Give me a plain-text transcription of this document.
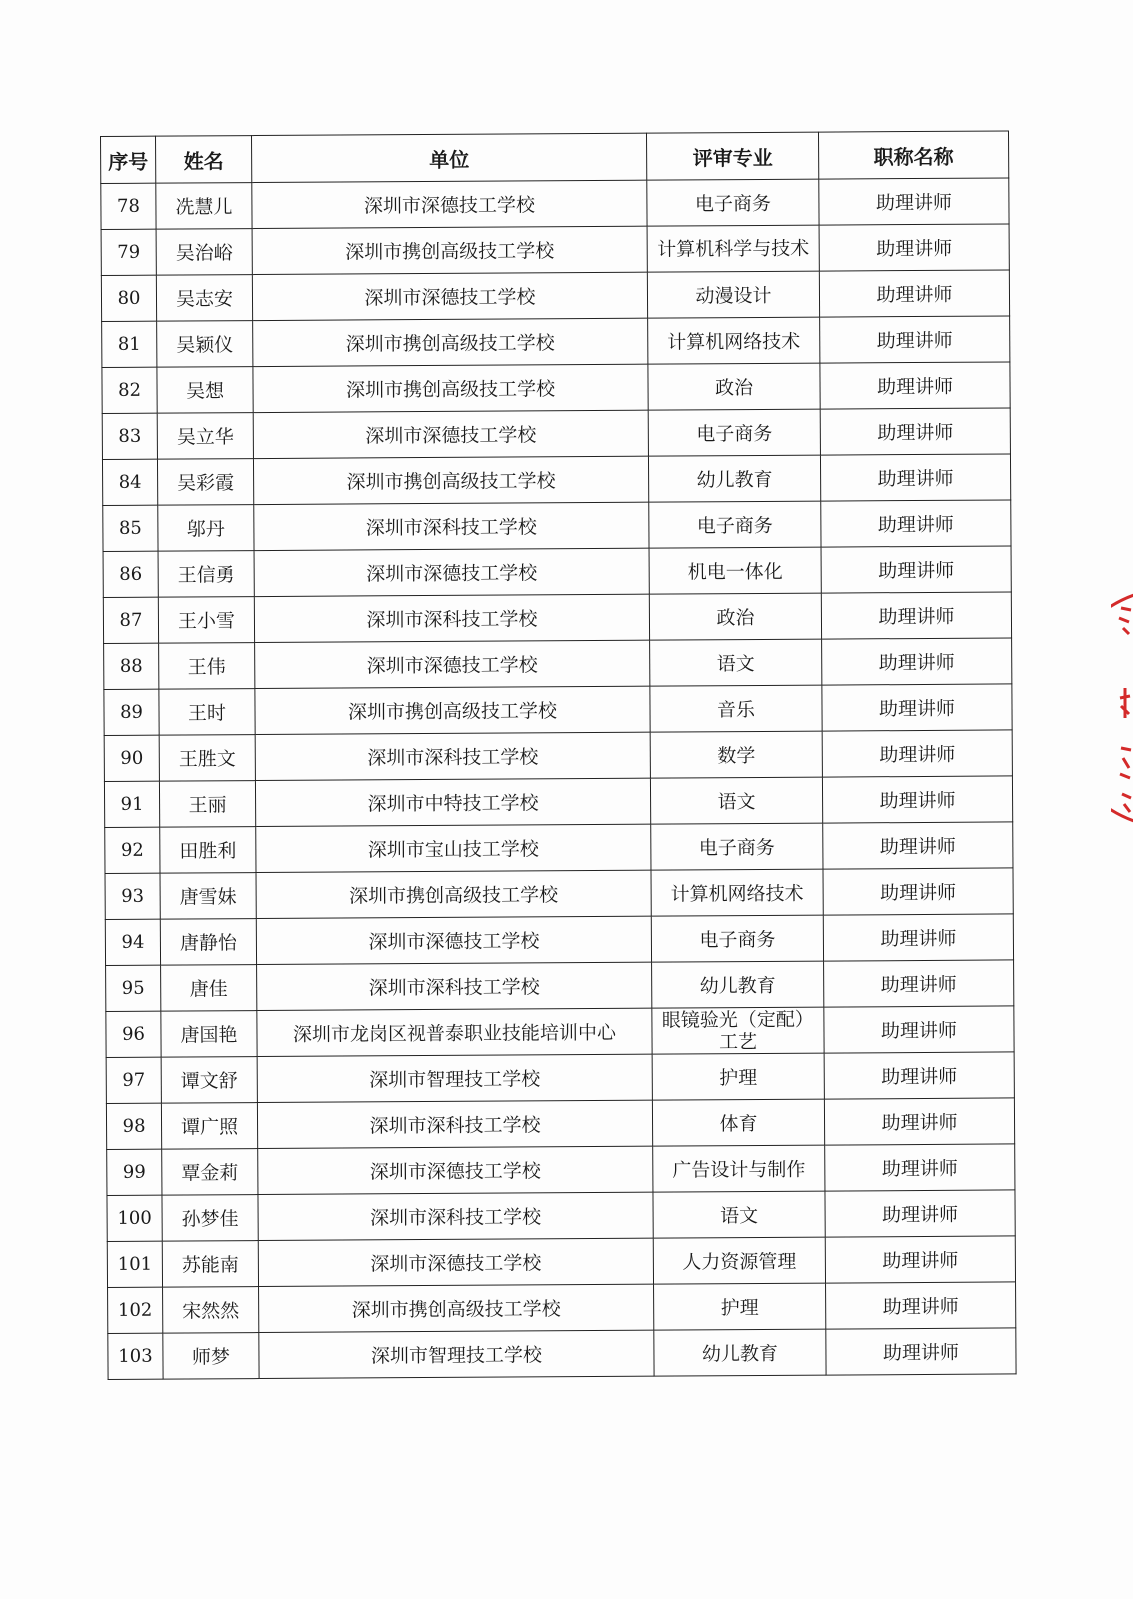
序号	姓名	单位	评审专业	职称名称
78	冼慧儿	深圳市深德技工学校	电子商务	助理讲师
79	吴治峪	深圳市携创高级技工学校	计算机科学与技术	助理讲师
80	吴志安	深圳市深德技工学校	动漫设计	助理讲师
81	吴颖仪	深圳市携创高级技工学校	计算机网络技术	助理讲师
82	吴想	深圳市携创高级技工学校	政治	助理讲师
83	吴立华	深圳市深德技工学校	电子商务	助理讲师
84	吴彩霞	深圳市携创高级技工学校	幼儿教育	助理讲师
85	邬丹	深圳市深科技工学校	电子商务	助理讲师
86	王信勇	深圳市深德技工学校	机电一体化	助理讲师
87	王小雪	深圳市深科技工学校	政治	助理讲师
88	王伟	深圳市深德技工学校	语文	助理讲师
89	王时	深圳市携创高级技工学校	音乐	助理讲师
90	王胜文	深圳市深科技工学校	数学	助理讲师
91	王丽	深圳市中特技工学校	语文	助理讲师
92	田胜利	深圳市宝山技工学校	电子商务	助理讲师
93	唐雪妹	深圳市携创高级技工学校	计算机网络技术	助理讲师
94	唐静怡	深圳市深德技工学校	电子商务	助理讲师
95	唐佳	深圳市深科技工学校	幼儿教育	助理讲师
96	唐国艳	深圳市龙岗区视普泰职业技能培训中心	眼镜验光（定配）工艺	助理讲师
97	谭文舒	深圳市智理技工学校	护理	助理讲师
98	谭广照	深圳市深科技工学校	体育	助理讲师
99	覃金莉	深圳市深德技工学校	广告设计与制作	助理讲师
100	孙梦佳	深圳市深科技工学校	语文	助理讲师
101	苏能南	深圳市深德技工学校	人力资源管理	助理讲师
102	宋然然	深圳市携创高级技工学校	护理	助理讲师
103	师梦	深圳市智理技工学校	幼儿教育	助理讲师
